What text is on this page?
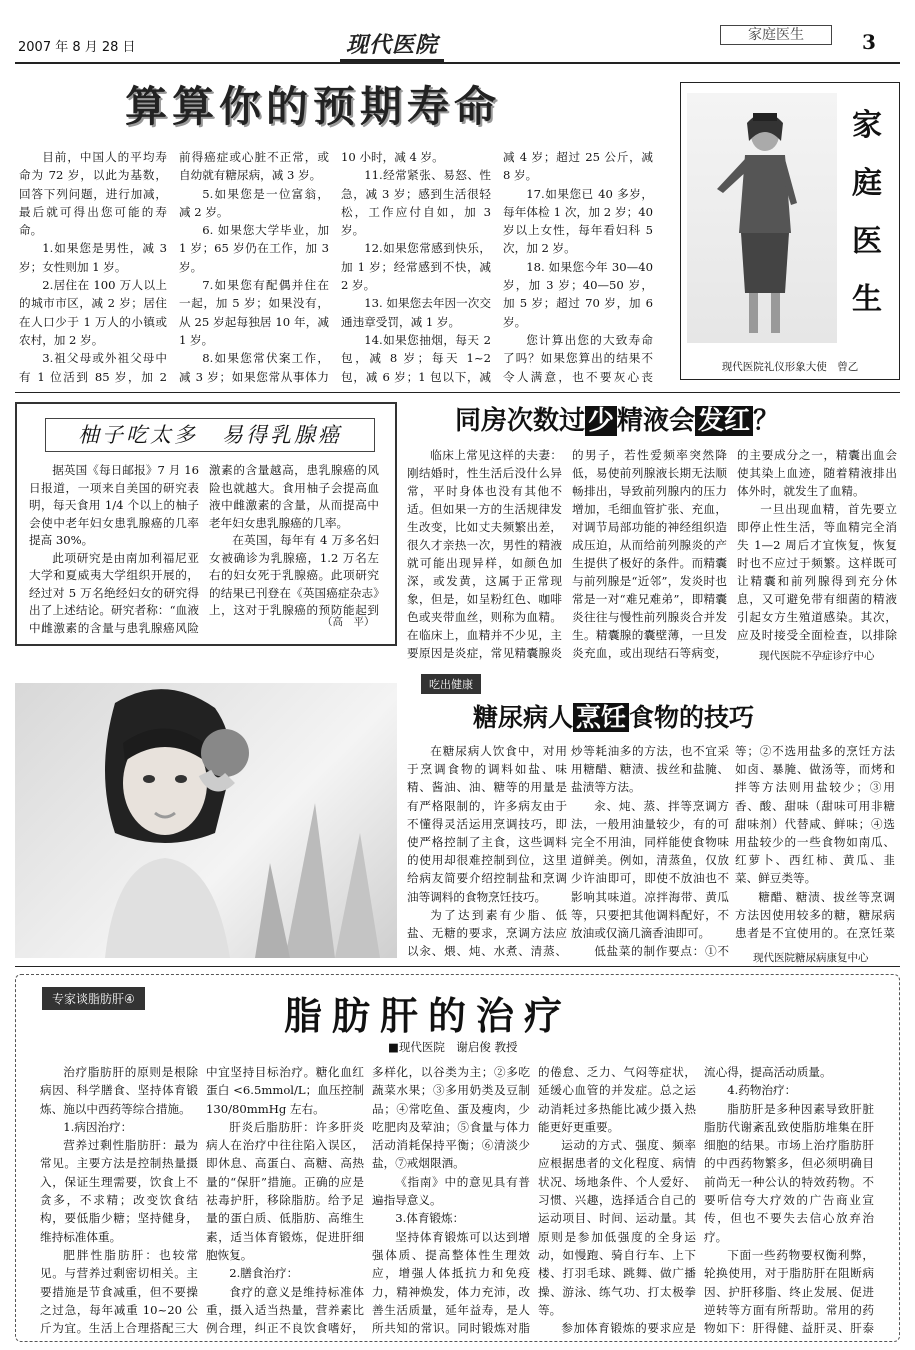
2007 年 8 月 28 日	现代医院	家庭医生	3
算算你的预期寿命

目前，中国人的平均寿命为 72 岁，以此为基数，回答下列问题，进行加减，最后就可得出您可能的寿命。

1.如果您是男性，减 3 岁；女性则加 1 岁。

2.居住在 100 万人以上的城市市区，减 2 岁；居住在人口少于 1 万人的小镇或农村，加 2 岁。

3.祖父母或外祖父母中有 1 位活到 85 岁，加 2

前得癌症或心脏不正常，或自幼就有糖尿病，减 3 岁。

5.如果您是一位富翁，减 2 岁。

6. 如果您大学毕业，加 1 岁；65 岁仍在工作，加 3 岁。

7.如果您有配偶并住在一起，加 5 岁；如果没有，从 25 岁起每独居 10 年，减 1 岁。

8.如果您常伏案工作，减 3 岁；如果您常从事体力

10 小时，减 4 岁。

11.经常紧张、易怒、性急，减 3 岁；感到生活很轻松，工作应付自如，加 3 岁。

12.如果您常感到快乐，加 1 岁；经常感到不快，减 2 岁。

13. 如果您去年因一次交通违章受罚，减 1 岁。

14.如果您抽烟，每天 2 包，减 8 岁；每天 1~2 包，减 6 岁；1 包以下，减

减 4 岁；超过 25 公斤，减 8 岁。

17.如果您已 40 多岁，每年体检 1 次，加 2 岁；40 岁以上女性，每年看妇科 5 次，加 2 岁。

18. 如果您今年 30—40 岁，加 3 岁；40—50 岁，加 5 岁；超过 70 岁，加 6 岁。

您计算出您的大致寿命了吗？如果您算出的结果不令人满意，也不要灰心丧

家庭医生
现代医院礼仪形象大使　曾乙
柚子吃太多　易得乳腺癌

据英国《每日邮报》7 月 16 日报道，一项来自美国的研究表明，每天食用 1/4 个以上的柚子会使中老年妇女患乳腺癌的几率提高 30%。

此项研究是由南加利福尼亚大学和夏威夷大学组织开展的，经过对 5 万名绝经妇女的研究得出了上述结论。研究者称：“血液中雌激素的含量与患乳腺癌风险

激素的含量越高，患乳腺癌的风险也就越大。食用柚子会提高血液中雌激素的含量，从而提高中老年妇女患乳腺癌的几率。

在英国，每年有 4 万多名妇女被确诊为乳腺癌，1.2 万名左右的妇女死于乳腺癌。此项研究的结果已刊登在《英国癌症杂志》上，这对于乳腺癌的预防能起到

（高　平）
同房次数过 少 精液会 发红 ？

临床上常见这样的夫妻：刚结婚时，性生活后没什么异常，平时身体也没有其他不适。但如果一方的生活规律发生改变，比如丈夫频繁出差，很久才亲热一次，男性的精液就可能出现异样，如颜色加深，或发黄，这属于正常现象，但是，如呈粉红色、咖啡色或夹带血丝，则称为血精。在临床上，血精并不少见，主要原因是炎症，常见精囊腺炎

的男子，若性爱频率突然降低，易使前列腺液长期无法顺畅排出，导致前列腺内的压力增加，毛细血管扩张、充血，对调节局部功能的神经组织造成压迫，从而给前列腺炎的产生提供了极好的条件。而精囊与前列腺是“近邻”，发炎时也常是一对“难兄难弟”，即精囊炎往往与慢性前列腺炎合并发生。精囊腺的囊壁薄，一旦发炎充血，或出现结石等病变，

的主要成分之一，精囊出血会使其染上血迹，随着精液排出体外时，就发生了血精。

一旦出现血精，首先要立即停止性生活，等血精完全消失 1—2 周后才宜恢复，恢复时也不应过于频繁。这样既可让精囊和前列腺得到充分休息，又可避免带有细菌的精液引起女方生殖道感染。其次，应及时接受全面检查，以排除

现代医院不孕症诊疗中心
吃出健康
糖尿病人 烹饪 食物的技巧

在糖尿病人饮食中，对用于烹调食物的调料如盐、味精、酱油、油、糖等的用量是有严格限制的，许多病友由于不懂得灵活运用烹调技巧，即使严格控制了主食，这些调料的使用却很难控制到位，这里给病友简要介绍控制盐和烹调油等调料的食物烹饪技巧。

为了达到素有少脂、低盐、无糖的要求，烹调方法应以汆、煨、炖、水煮、清蒸、

炒等耗油多的方法，也不宜采用糖醋、糖渍、拔丝和盐腌、盐渍等方法。

汆、炖、蒸、拌等烹调方法，一般用油量较少，有的可完全不用油，同样能使食物味道鲜美。例如，清蒸鱼，仅放少许油即可，即使不放油也不影响其味道。凉拌海带、黄瓜等，只要把其他调料配好，不放油或仅滴几滴香油即可。

低盐菜的制作要点：①不

等；②不选用盐多的烹饪方法如卤、暴腌、做汤等，而烤和拌等方法则用盐较少；③用香、酸、甜味（甜味可用非糖甜味剂）代替咸、鲜味；④选用盐较少的一些食物如南瓜、红萝卜、西红柿、黄瓜、韭菜、鲜豆类等。

糖醋、糖渍、拔丝等烹调方法因使用较多的糖，糖尿病患者是不宜使用的。在烹饪菜

现代医院糖尿病康复中心
专家谈脂肪肝④	脂肪肝的治疗
■现代医院　谢启俊 教授

治疗脂肪肝的原则是根除病因、科学膳食、坚持体育锻炼、施以中西药等综合措施。

1.病因治疗：

营养过剩性脂肪肝：最为常见。主要方法是控制热量摄入，保证生理需要，饮食上不贪多，不求精；改变饮食结构，要低脂少糖；坚持健身，维持标准体重。

肥胖性脂肪肝：也较常见。与营养过剩密切相关。主要措施是节食减重，但不要操之过急，每年减重 10~20 公斤为宜。生活上合理搭配三大

中宜坚持目标治疗。糖化血红蛋白 <6.5mmol/L；血压控制 130/80mmHg 左右。

肝炎后脂肪肝：许多肝炎病人在治疗中往往陷入误区，即休息、高蛋白、高糖、高热量的“保肝”措施。正确的应是祛毒护肝，移除脂肪。给予足量的蛋白质、低脂肪、高维生素，适当体育锻炼，促进肝细胞恢复。

2.膳食治疗：

食疗的意义是维持标准体重，摄入适当热量，营养素比例合理，纠正不良饮食嗜好，

多样化，以谷类为主；②多吃蔬菜水果；③多用奶类及豆制品；④常吃鱼、蛋及瘦肉，少吃肥肉及荤油；⑤食量与体力活动消耗保持平衡；⑥清淡少盐，⑦戒烟限酒。

《指南》中的意见具有普遍指导意义。

3.体育锻炼：

坚持体育锻炼可以达到增强体质、提高整体性生理效应，增强人体抵抗力和免疫力，精神焕发，体力充沛，改善生活质量，延年益寿，是人所共知的常识。同时锻炼对脂

的倦怠、乏力、气闷等症状，延缓心血管的并发症。总之运动消耗过多热能比减少摄入热能更好更重要。

运动的方式、强度、频率应根据患者的文化程度、病情状况、场地条件、个人爱好、习惯、兴趣，选择适合自己的运动项目、时间、运动量。其原则是参加低强度的全身运动，如慢跑、骑自行车、上下楼、打羽毛球、跳舞、做广播操、游泳、练气功、打太极拳等。

参加体育锻炼的要求应是

流心得，提高活动质量。

4.药物治疗：

脂肪肝是多种因素导致肝脏脂肪代谢紊乱致使脂肪堆集在肝细胞的结果。市场上治疗脂肪肝的中西药物繁多，但必须明确目前尚无一种公认的特效药物。不要听信夸大疗效的广告商业宣传，但也不要失去信心放弃治疗。

下面一些药物要权衡利弊，轮换使用，对于脂肪肝在阻断病因、护肝移脂、终止发展、促进逆转等方面有所帮助。常用的药物如下：肝得健、益肝灵、肝泰
